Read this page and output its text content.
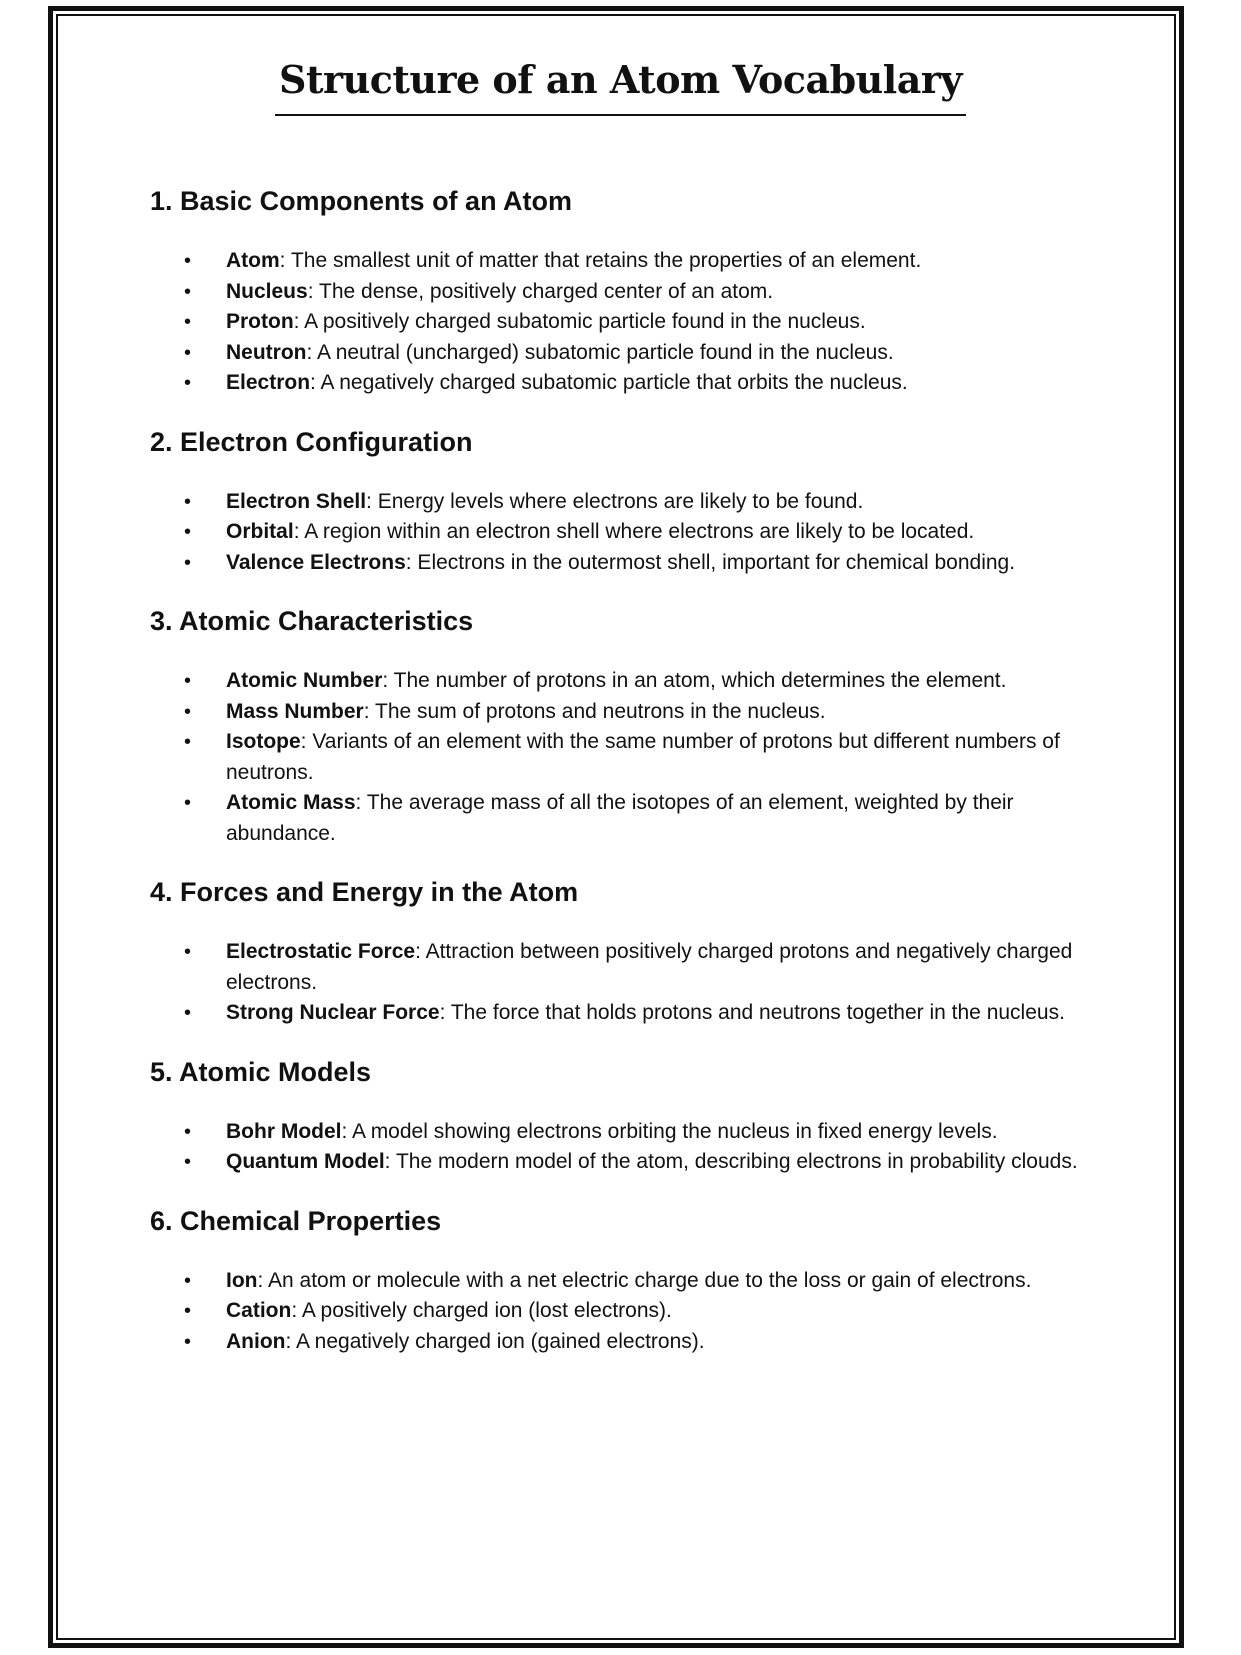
Structure of an Atom Vocabulary
1. Basic Components of an Atom
• Atom: The smallest unit of matter that retains the properties of an element.
• Nucleus: The dense, positively charged center of an atom.
• Proton: A positively charged subatomic particle found in the nucleus.
• Neutron: A neutral (uncharged) subatomic particle found in the nucleus.
• Electron: A negatively charged subatomic particle that orbits the nucleus.
2. Electron Configuration
• Electron Shell: Energy levels where electrons are likely to be found.
• Orbital: A region within an electron shell where electrons are likely to be located.
• Valence Electrons: Electrons in the outermost shell, important for chemical bonding.
3. Atomic Characteristics
• Atomic Number: The number of protons in an atom, which determines the element.
• Mass Number: The sum of protons and neutrons in the nucleus.
• Isotope: Variants of an element with the same number of protons but different numbers of neutrons.
• Atomic Mass: The average mass of all the isotopes of an element, weighted by their abundance.
4. Forces and Energy in the Atom
• Electrostatic Force: Attraction between positively charged protons and negatively charged electrons.
• Strong Nuclear Force: The force that holds protons and neutrons together in the nucleus.
5. Atomic Models
• Bohr Model: A model showing electrons orbiting the nucleus in fixed energy levels.
• Quantum Model: The modern model of the atom, describing electrons in probability clouds.
6. Chemical Properties
• Ion: An atom or molecule with a net electric charge due to the loss or gain of electrons.
• Cation: A positively charged ion (lost electrons).
• Anion: A negatively charged ion (gained electrons).
